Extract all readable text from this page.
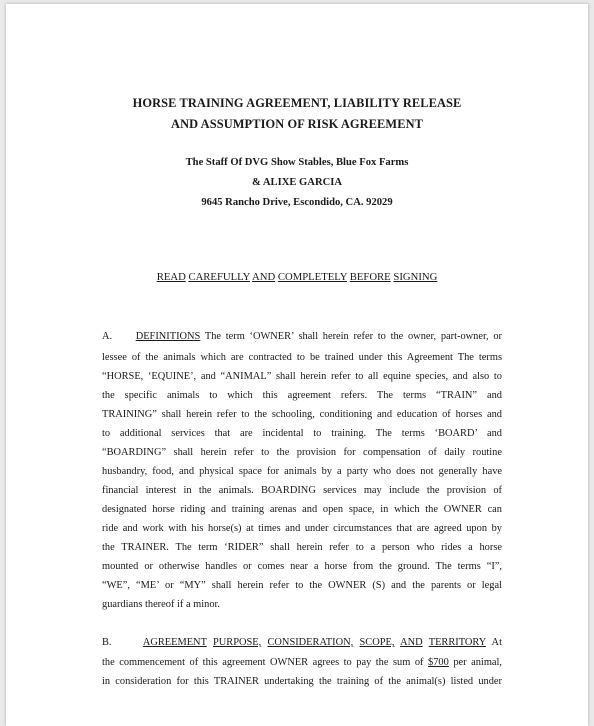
HORSE TRAINING AGREEMENT, LIABILITY RELEASE
AND ASSUMPTION OF RISK AGREEMENT
The Staff Of DVG Show Stables, Blue Fox Farms
& ALIXE GARCIA
9645 Rancho Drive, Escondido, CA. 92029
READ CAREFULLY AND COMPLETELY BEFORE SIGNING
A. DEFINITIONS The term ‘OWNER’ shall herein refer to the owner, part-owner, or
lessee of the animals which are contracted to be trained under this Agreement The terms
“HORSE, ‘EQUINE’, and “ANIMAL” shall herein refer to all equine species, and also to
the specific animals to which this agreement refers. The terms “TRAIN” and
TRAINING” shall herein refer to the schooling, conditioning and education of horses and
to additional services that are incidental to training. The terms ‘BOARD’ and
“BOARDING” shall herein refer to the provision for compensation of daily routine
husbandry, food, and physical space for animals by a party who does not generally have
financial interest in the animals. BOARDING services may include the provision of
designated horse riding and training arenas and open space, in which the OWNER can
ride and work with his horse(s) at times and under circumstances that are agreed upon by
the TRAINER. The term ‘RIDER” shall herein refer to a person who rides a horse
mounted or otherwise handles or comes near a horse from the ground. The terms “I”,
“WE”, “ME’ or “MY” shall herein refer to the OWNER (S) and the parents or legal
guardians thereof if a minor.
B.	AGREEMENT PURPOSE, CONSIDERATION, SCOPE, AND TERRITORY At
the commencement of this agreement OWNER agrees to pay the sum of $700 per animal,
in consideration for this TRAINER undertaking the training of the animal(s) listed under
